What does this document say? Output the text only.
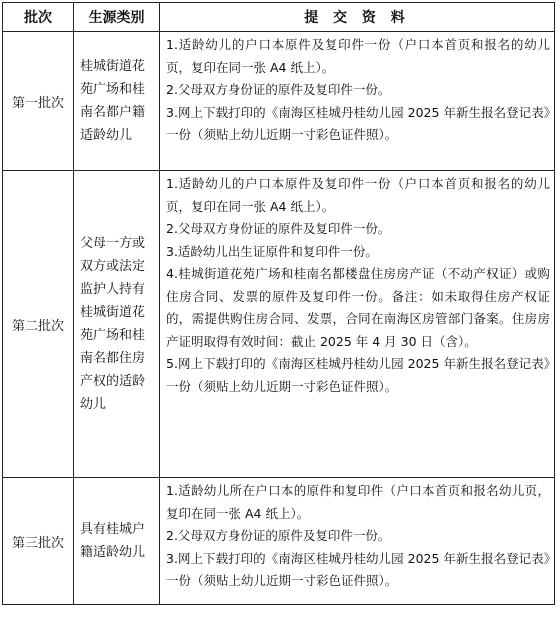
批次	生源类别	提 交 资 料
第一批次	桂城街道花苑广场和桂南名都户籍适龄幼儿	1.适龄幼儿的户口本原件及复印件一份（户口本首页和报名的幼儿页，复印在同一张 A4 纸上）。
2.父母双方身份证的原件及复印件一份。
3.网上下载打印的《南海区桂城丹桂幼儿园 2025 年新生报名登记表》一份（须贴上幼儿近期一寸彩色证件照）。

第二批次	父母一方或双方或法定监护人持有桂城街道花苑广场和桂南名都住房产权的适龄幼儿	1.适龄幼儿的户口本原件及复印件一份（户口本首页和报名的幼儿页，复印在同一张 A4 纸上）。
2.父母双方身份证的原件及复印件一份。
3.适龄幼儿出生证原件和复印件一份。
4.桂城街道花苑广场和桂南名都楼盘住房房产证（不动产权证）或购住房合同、发票的原件及复印件一份。备注：如未取得住房产权证的，需提供购住房合同、发票，合同在南海区房管部门备案。住房房产证明取得有效时间：截止 2025 年 4 月 30 日（含）。
5.网上下载打印的《南海区桂城丹桂幼儿园 2025 年新生报名登记表》一份（须贴上幼儿近期一寸彩色证件照）。

第三批次	具有桂城户籍适龄幼儿	1.适龄幼儿所在户口本的原件和复印件（户口本首页和报名幼儿页，复印在同一张 A4 纸上）。
2.父母双方身份证的原件及复印件一份。
3.网上下载打印的《南海区桂城丹桂幼儿园 2025 年新生报名登记表》一份（须贴上幼儿近期一寸彩色证件照）。
